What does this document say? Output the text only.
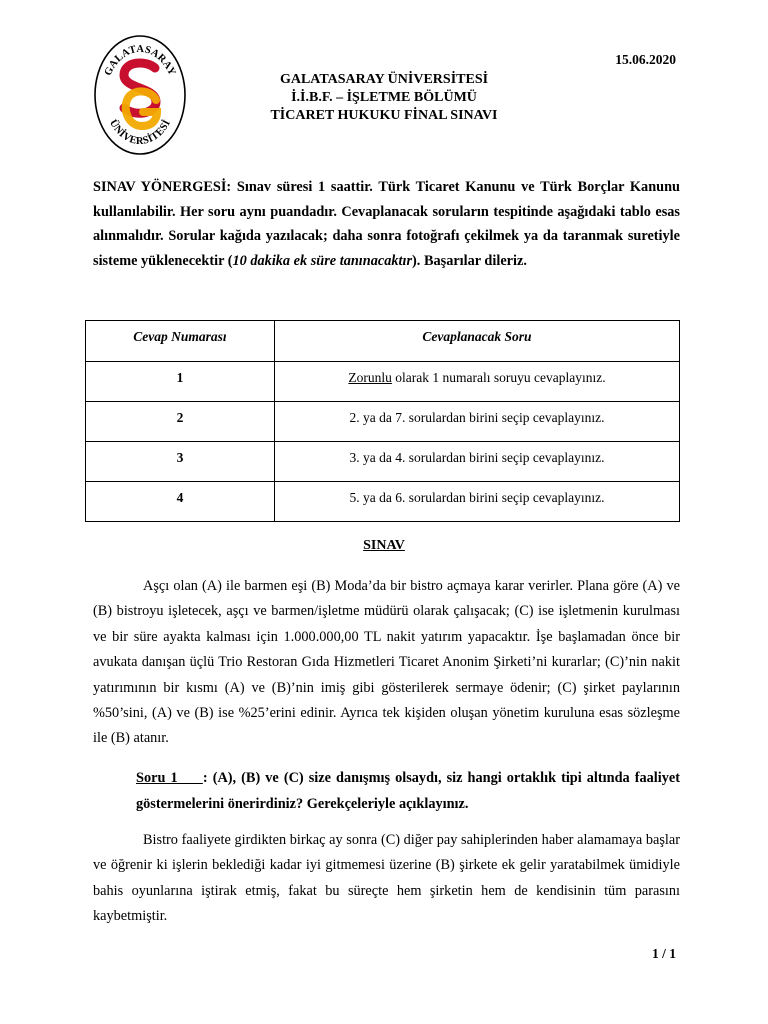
GALATASARAY
ÜNİVERSİTESİ
15.06.2020
GALATASARAY ÜNİVERSİTESİ
İ.İ.B.F. – İŞLETME BÖLÜMÜ
TİCARET HUKUKU FİNAL SINAVI
SINAV YÖNERGESİ: Sınav süresi 1 saattir. Türk Ticaret Kanunu ve Türk Borçlar Kanunu kullanılabilir. Her soru aynı puandadır. Cevaplanacak soruların tespitinde aşağıdaki tablo esas alınmalıdır. Sorular kağıda yazılacak; daha sonra fotoğrafı çekilmek ya da taranmak suretiyle sisteme yüklenecektir (10 dakika ek süre tanınacaktır). Başarılar dileriz.
Cevap Numarası	Cevaplanacak Soru
1	Zorunlu olarak 1 numaralı soruyu cevaplayınız.
2	2. ya da 7. sorulardan birini seçip cevaplayınız.
3	3. ya da 4. sorulardan birini seçip cevaplayınız.
4	5. ya da 6. sorulardan birini seçip cevaplayınız.
SINAV
Aşçı olan (A) ile barmen eşi (B) Moda’da bir bistro açmaya karar verirler. Plana göre (A) ve (B) bistroyu işletecek, aşçı ve barmen/işletme müdürü olarak çalışacak; (C) ise işletmenin kurulması ve bir süre ayakta kalması için 1.000.000,00 TL nakit yatırım yapacaktır. İşe başlamadan önce bir avukata danışan üçlü Trio Restoran Gıda Hizmetleri Ticaret Anonim Şirketi’ni kurarlar; (C)’nin nakit yatırımının bir kısmı (A) ve (B)’nin imiş gibi gösterilerek sermaye ödenir; (C) şirket paylarının %50’sini, (A) ve (B) ise %25’erini edinir. Ayrıca tek kişiden oluşan yönetim kuruluna esas sözleşme ile (B) atanır.
Soru 1     : (A), (B) ve (C) size danışmış olsaydı, siz hangi ortaklık tipi altında faaliyet göstermelerini önerirdiniz? Gerekçeleriyle açıklayınız.
Bistro faaliyete girdikten birkaç ay sonra (C) diğer pay sahiplerinden haber alamamaya başlar ve öğrenir ki işlerin beklediği kadar iyi gitmemesi üzerine (B) şirkete ek gelir yaratabilmek ümidiyle bahis oyunlarına iştirak etmiş, fakat bu süreçte hem şirketin hem de kendisinin tüm parasını kaybetmiştir.
1 / 1
